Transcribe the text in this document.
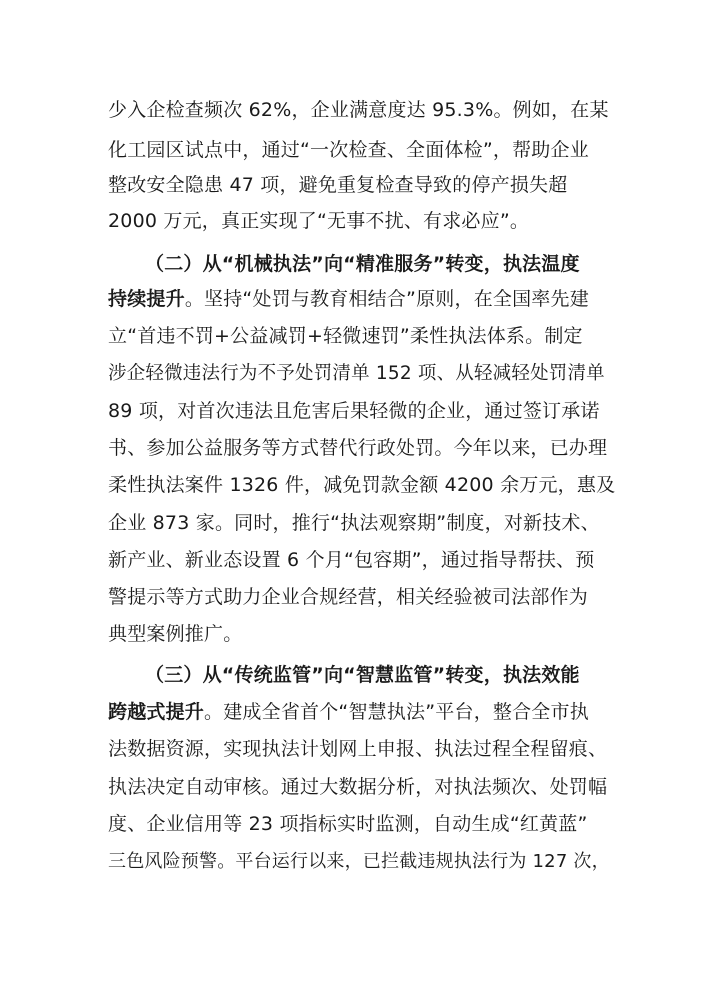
少入企检查频次 62%，企业满意度达 95.3%。例如，在某
化工园区试点中，通过“一次检查、全面体检”，帮助企业
整改安全隐患 47 项，避免重复检查导致的停产损失超
2000 万元，真正实现了“无事不扰、有求必应”。
（二）从“机械执法”向“精准服务”转变，执法温度
持续提升。坚持“处罚与教育相结合”原则，在全国率先建
立“首违不罚+公益减罚+轻微速罚”柔性执法体系。制定
涉企轻微违法行为不予处罚清单 152 项、从轻减轻处罚清单
89 项，对首次违法且危害后果轻微的企业，通过签订承诺
书、参加公益服务等方式替代行政处罚。今年以来，已办理
柔性执法案件 1326 件，减免罚款金额 4200 余万元，惠及
企业 873 家。同时，推行“执法观察期”制度，对新技术、
新产业、新业态设置 6 个月“包容期”，通过指导帮扶、预
警提示等方式助力企业合规经营，相关经验被司法部作为
典型案例推广。
（三）从“传统监管”向“智慧监管”转变，执法效能
跨越式提升。建成全省首个“智慧执法”平台，整合全市执
法数据资源，实现执法计划网上申报、执法过程全程留痕、
执法决定自动审核。通过大数据分析，对执法频次、处罚幅
度、企业信用等 23 项指标实时监测，自动生成“红黄蓝”
三色风险预警。平台运行以来，已拦截违规执法行为 127 次，
